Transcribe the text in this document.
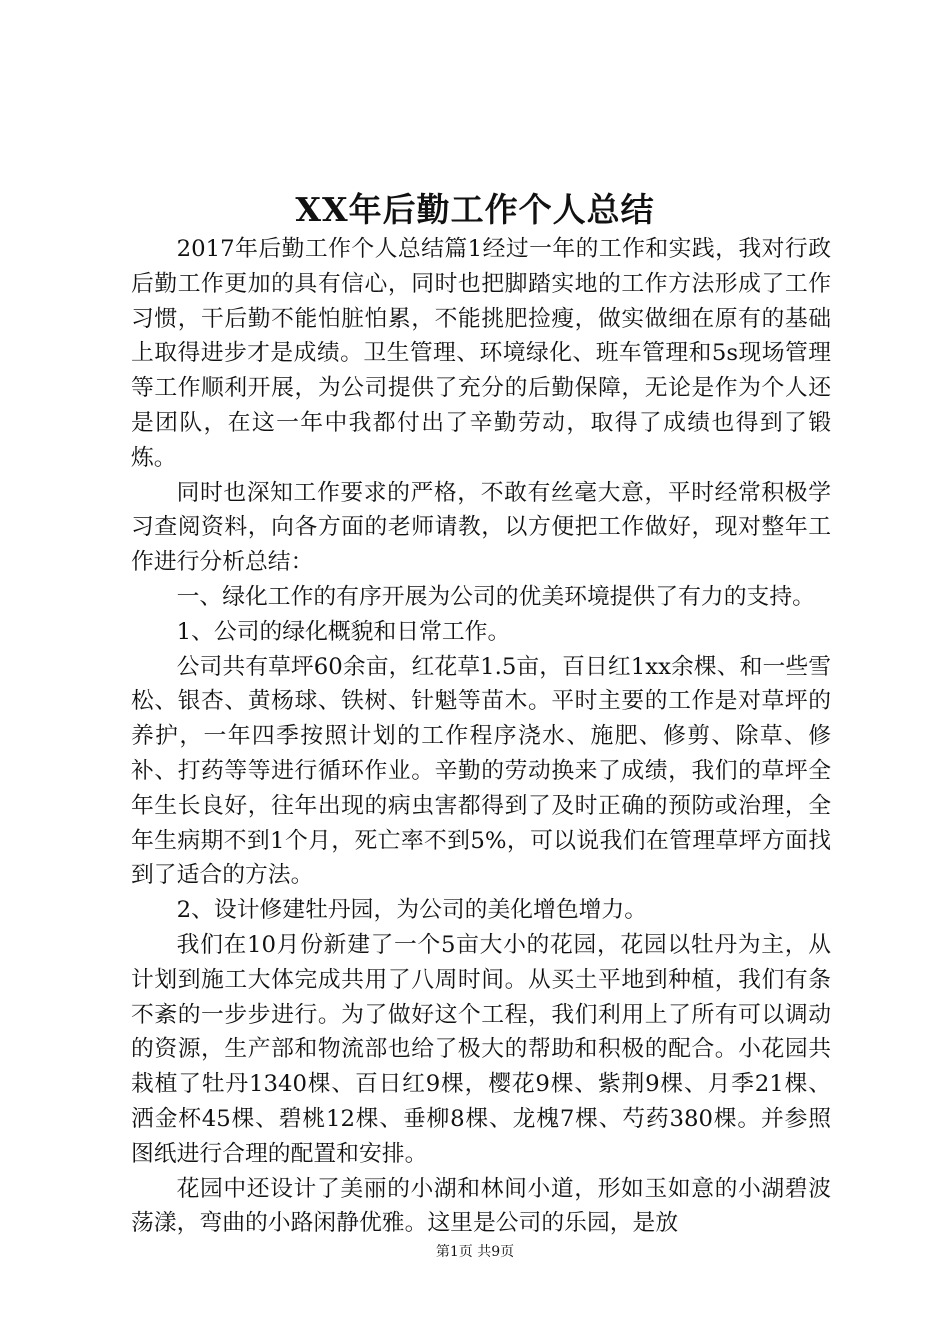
XX年后勤工作个人总结

2017年后勤工作个人总结篇1经过一年的工作和实践，我对行政后勤工作更加的具有信心，同时也把脚踏实地的工作方法形成了工作习惯，干后勤不能怕脏怕累，不能挑肥捡瘦，做实做细在原有的基础上取得进步才是成绩。卫生管理、环境绿化、班车管理和5s现场管理等工作顺利开展，为公司提供了充分的后勤保障，无论是作为个人还是团队，在这一年中我都付出了辛勤劳动，取得了成绩也得到了锻炼。

同时也深知工作要求的严格，不敢有丝毫大意，平时经常积极学习查阅资料，向各方面的老师请教，以方便把工作做好，现对整年工作进行分析总结：

一、绿化工作的有序开展为公司的优美环境提供了有力的支持。

1、公司的绿化概貌和日常工作。

公司共有草坪60余亩，红花草1.5亩，百日红1xx余棵、和一些雪松、银杏、黄杨球、铁树、针魁等苗木。平时主要的工作是对草坪的养护，一年四季按照计划的工作程序浇水、施肥、修剪、除草、修补、打药等等进行循环作业。辛勤的劳动换来了成绩，我们的草坪全年生长良好，往年出现的病虫害都得到了及时正确的预防或治理，全年生病期不到1个月，死亡率不到5%，可以说我们在管理草坪方面找到了适合的方法。

2、设计修建牡丹园，为公司的美化增色增力。

我们在10月份新建了一个5亩大小的花园，花园以牡丹为主，从计划到施工大体完成共用了八周时间。从买土平地到种植，我们有条不紊的一步步进行。为了做好这个工程，我们利用上了所有可以调动的资源，生产部和物流部也给了极大的帮助和积极的配合。小花园共栽植了牡丹1340棵、百日红9棵，樱花9棵、紫荆9棵、月季21棵、洒金杯45棵、碧桃12棵、垂柳8棵、龙槐7棵、芍药380棵。并参照图纸进行合理的配置和安排。

花园中还设计了美丽的小湖和林间小道，形如玉如意的小湖碧波荡漾，弯曲的小路闲静优雅。这里是公司的乐园，是放

第1页 共9页
